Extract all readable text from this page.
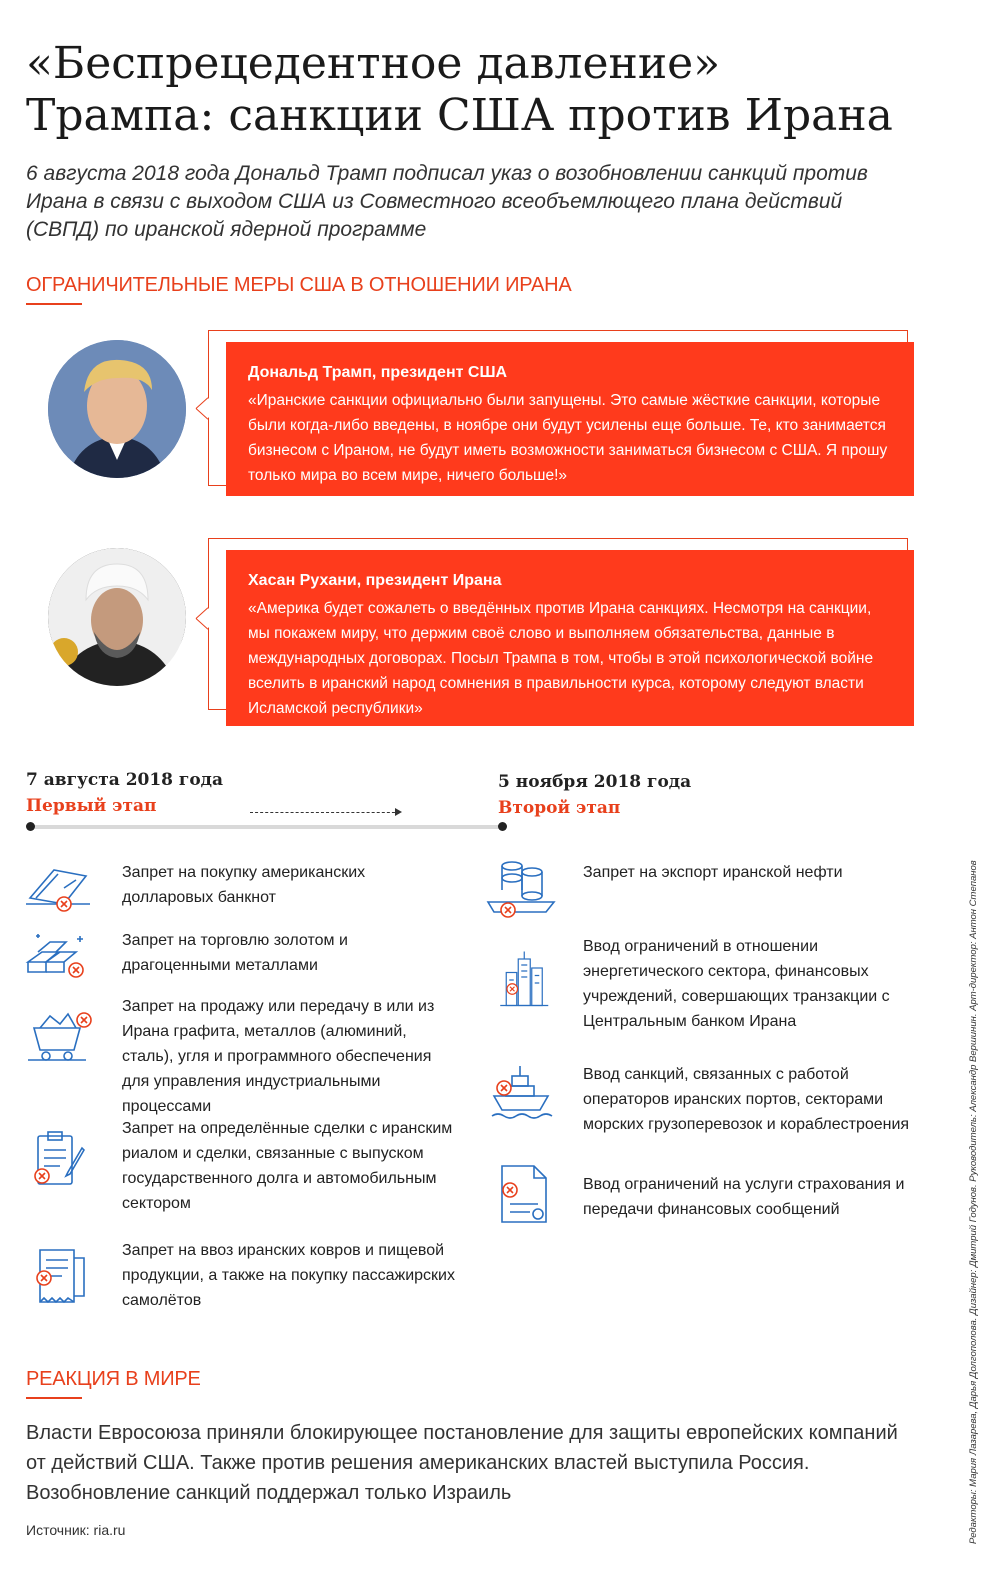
«Беспрецедентное давление»
Трампа: санкции США против Ирана

6 августа 2018 года Дональд Трамп подписал указ о возобновлении санкций против Ирана в связи с выходом США из Совместного всеобъемлющего плана действий (СВПД) по иранской ядерной программе

ОГРАНИЧИТЕЛЬНЫЕ МЕРЫ США В ОТНОШЕНИИ ИРАНА
Дональд Трамп, президент США
«Иранские санкции официально были запущены. Это самые жёсткие санкции, которые были когда-либо введены, в ноябре они будут усилены еще больше. Те, кто занимается бизнесом с Ираном, не будут иметь возможности заниматься бизнесом с США. Я прошу только мира во всем мире, ничего больше!»
Хасан Рухани, президент Ирана
«Америка будет сожалеть о введённых против Ирана санкциях. Несмотря на санкции, мы покажем миру, что держим своё слово и выполняем обязательства, данные в международных договорах. Посыл Трампа в том, чтобы в этой психологической войне вселить в иранский народ сомнения в правильности курса, которому следуют власти Исламской республики»
7 августа 2018 года
Первый этап
5 ноября 2018 года
Второй этап
Запрет на покупку американских долларовых банкнот
Запрет на торговлю золотом и драгоценными металлами
Запрет на продажу или передачу в или из Ирана графита, металлов (алюминий, сталь), угля и программного обеспечения для управления индустриальными процессами
Запрет на определённые сделки с иранским риалом и сделки, связанные с выпуском государственного долга и автомобильным сектором
Запрет на ввоз иранских ковров и пищевой продукции, а также на покупку пассажирских самолётов
Запрет на экспорт иранской нефти
Ввод ограничений в отношении энергетического сектора, финансовых учреждений, совершающих транзакции с Центральным банком Ирана
Ввод санкций, связанных с работой операторов иранских портов, секторами морских грузоперевозок и кораблестроения
Ввод ограничений на услуги страхования и передачи финансовых сообщений
РЕАКЦИЯ В МИРЕ

Власти Евросоюза приняли блокирующее постановление для защиты европейских компаний от действий США. Также против решения американских властей выступила Россия. Возобновление санкций поддержал только Израиль

Источник: ria.ru	Редакторы: Мария Лазарева, Дарья Долгополова. Дизайнер: Дмитрий Годунов. Руководитель: Александр Вершинин. Арт-директор: Антон Степанов
